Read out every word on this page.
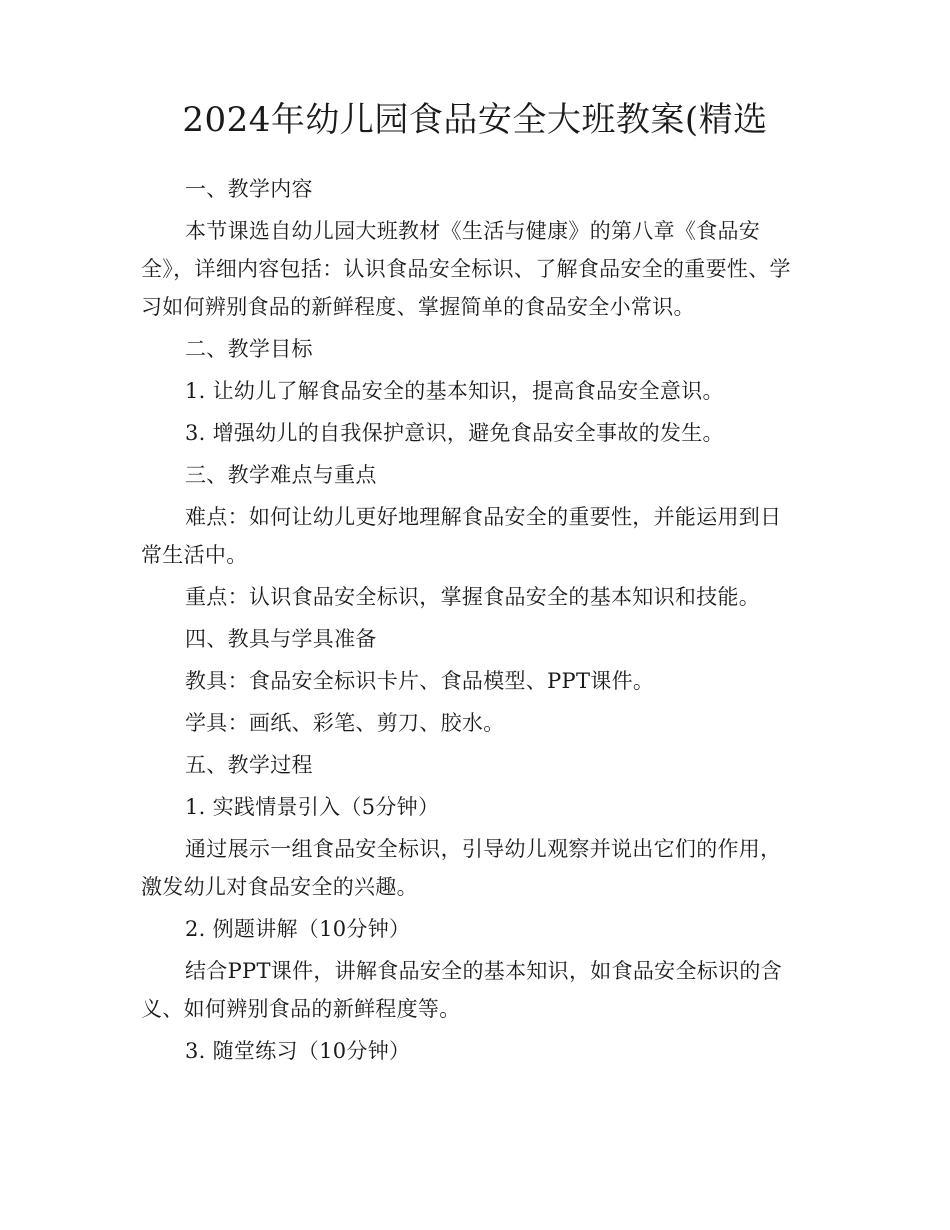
2024年幼儿园食品安全大班教案(精选

一、教学内容

本节课选自幼儿园大班教材《生活与健康》的第八章《食品安全》，详细内容包括：认识食品安全标识、了解食品安全的重要性、学习如何辨别食品的新鲜程度、掌握简单的食品安全小常识。

二、教学目标

1. 让幼儿了解食品安全的基本知识，提高食品安全意识。

3. 增强幼儿的自我保护意识，避免食品安全事故的发生。

三、教学难点与重点

难点：如何让幼儿更好地理解食品安全的重要性，并能运用到日常生活中。

重点：认识食品安全标识，掌握食品安全的基本知识和技能。

四、教具与学具准备

教具：食品安全标识卡片、食品模型、PPT课件。

学具：画纸、彩笔、剪刀、胶水。

五、教学过程

1. 实践情景引入（5分钟）

通过展示一组食品安全标识，引导幼儿观察并说出它们的作用，激发幼儿对食品安全的兴趣。

2. 例题讲解（10分钟）

结合PPT课件，讲解食品安全的基本知识，如食品安全标识的含义、如何辨别食品的新鲜程度等。

3. 随堂练习（10分钟）
